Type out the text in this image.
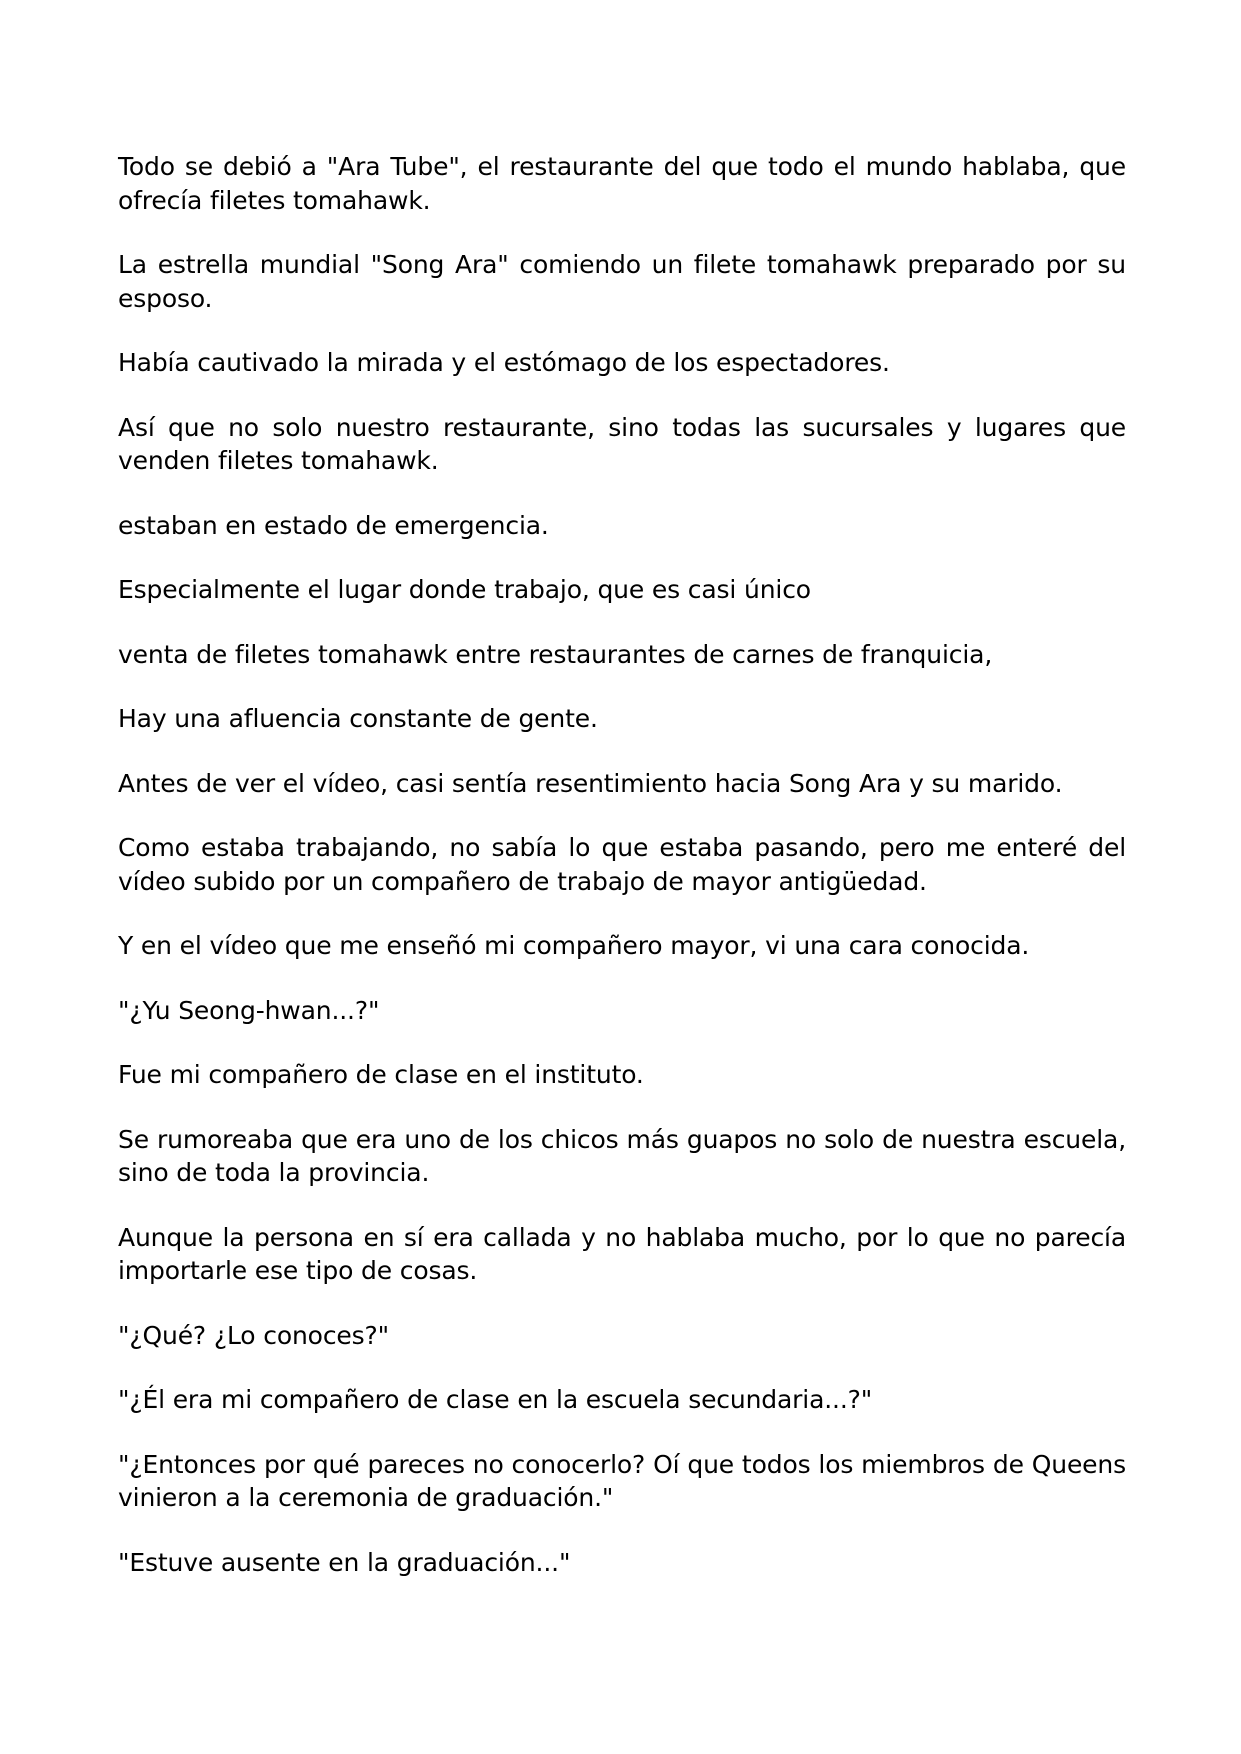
Todo se debió a "Ara Tube", el restaurante del que todo el mundo hablaba, que ofrecía filetes tomahawk.

La estrella mundial "Song Ara" comiendo un filete tomahawk preparado por su esposo.

Había cautivado la mirada y el estómago de los espectadores.

Así que no solo nuestro restaurante, sino todas las sucursales y lugares que venden filetes tomahawk.

estaban en estado de emergencia.

Especialmente el lugar donde trabajo, que es casi único

venta de filetes tomahawk entre restaurantes de carnes de franquicia,

Hay una afluencia constante de gente.

Antes de ver el vídeo, casi sentía resentimiento hacia Song Ara y su marido.

Como estaba trabajando, no sabía lo que estaba pasando, pero me enteré del vídeo subido por un compañero de trabajo de mayor antigüedad.

Y en el vídeo que me enseñó mi compañero mayor, vi una cara conocida.

"¿Yu Seong-hwan...?"

Fue mi compañero de clase en el instituto.

Se rumoreaba que era uno de los chicos más guapos no solo de nuestra escuela, sino de toda la provincia.

Aunque la persona en sí era callada y no hablaba mucho, por lo que no parecía importarle ese tipo de cosas.

"¿Qué? ¿Lo conoces?"

"¿Él era mi compañero de clase en la escuela secundaria...?"

"¿Entonces por qué pareces no conocerlo? Oí que todos los miembros de Queens vinieron a la ceremonia de graduación."

"Estuve ausente en la graduación..."
